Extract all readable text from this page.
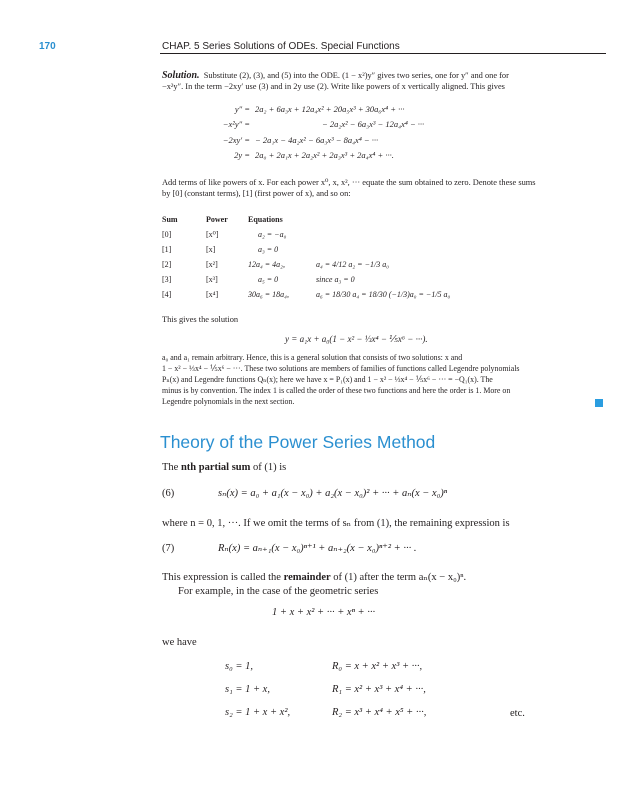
170	CHAP. 5 Series Solutions of ODEs. Special Functions
Solution. Substitute (2), (3), and (5) into the ODE. (1 − x²)y″ gives two series, one for y″ and one for
−x²y″. In the term −2xy′ use (3) and in 2y use (2). Write like powers of x vertically aligned. This gives
y″ = 2a₂ + 6a₃x + 12a₄x² + 20a₅x³ + 30a₆x⁴ + ···
−x²y″ =	− 2a₂x² − 6a₃x³ − 12a₄x⁴ − ···
−2xy′ = − 2a₁x − 4a₂x² − 6a₃x³ − 8a₄x⁴ − ···
2y = 2a₀ + 2a₁x + 2a₂x² + 2a₃x³ + 2a₄x⁴ + ···.
Add terms of like powers of x. For each power x⁰, x, x², ··· equate the sum obtained to zero. Denote these sums
by [0] (constant terms), [1] (first power of x), and so on:
Sum	Power	Equations	
[0]	[x⁰]	a₂ = −a₀	
[1]	[x]	a₃ = 0	
[2]	[x²]	12a₄ = 4a₂,	a₄ = 4/12 a₂ = −1/3 a₀
[3]	[x³]	a₅ = 0	since a₃ = 0
[4]	[x⁴]	30a₆ = 18a₄,	a₆ = 18/30 a₄ = 18/30 (−1/3)a₀ = −1/5 a₀
This gives the solution
y = a₁x + a₀(1 − x² − ⅓x⁴ − ⅕x⁶ − ···).
a₀ and a₁ remain arbitrary. Hence, this is a general solution that consists of two solutions: x and
1 − x² − ⅓x⁴ − ⅕x⁶ − ···. These two solutions are members of families of functions called Legendre polynomials
Pₙ(x) and Legendre functions Qₙ(x); here we have x = P₁(x) and 1 − x² − ⅓x⁴ − ⅕x⁶ − ··· = −Q₁(x). The
minus is by convention. The index 1 is called the order of these two functions and here the order is 1. More on
Legendre polynomials in the next section.
Theory of the Power Series Method
The nth partial sum of (1) is
(6)	sₙ(x) = a₀ + a₁(x − x₀) + a₂(x − x₀)² + ··· + aₙ(x − x₀)ⁿ
where n = 0, 1, ···. If we omit the terms of sₙ from (1), the remaining expression is
(7)	Rₙ(x) = aₙ₊₁(x − x₀)ⁿ⁺¹ + aₙ₊₂(x − x₀)ⁿ⁺² + ··· .
This expression is called the remainder of (1) after the term aₙ(x − x₀)ⁿ.
For example, in the case of the geometric series
1 + x + x² + ··· + xⁿ + ···
we have
s₀ = 1,	R₀ = x + x² + x³ + ···,
s₁ = 1 + x,	R₁ = x² + x³ + x⁴ + ···,
s₂ = 1 + x + x²,	R₂ = x³ + x⁴ + x⁵ + ···,	etc.
